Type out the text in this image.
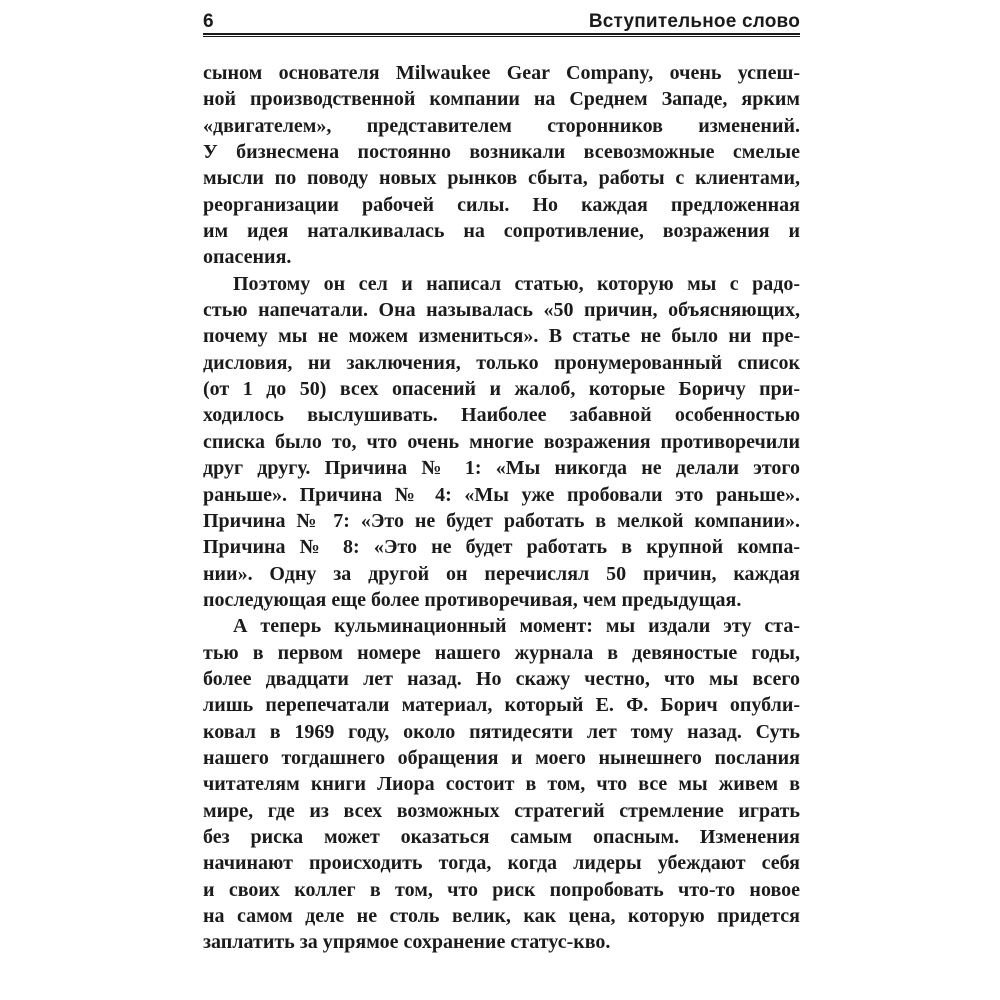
6	Вступительное слово
сыном основателя Milwaukee Gear Company, очень успеш-
ной производственной компании на Среднем Западе, ярким
«двигателем», представителем сторонников изменений.
У бизнесмена постоянно возникали всевозможные смелые
мысли по поводу новых рынков сбыта, работы с клиентами,
реорганизации рабочей силы. Но каждая предложенная
им идея наталкивалась на сопротивление, возражения и
опасения.
Поэтому он сел и написал статью, которую мы с радо-
стью напечатали. Она называлась «50 причин, объясняющих,
почему мы не можем измениться». В статье не было ни пре-
дисловия, ни заключения, только пронумерованный список
(от 1 до 50) всех опасений и жалоб, которые Боричу при-
ходилось выслушивать. Наиболее забавной особенностью
списка было то, что очень многие возражения противоречили
друг другу. Причина № 1: «Мы никогда не делали этого
раньше». Причина № 4: «Мы уже пробовали это раньше».
Причина № 7: «Это не будет работать в мелкой компании».
Причина № 8: «Это не будет работать в крупной компа-
нии». Одну за другой он перечислял 50 причин, каждая
последующая еще более противоречивая, чем предыдущая.
А теперь кульминационный момент: мы издали эту ста-
тью в первом номере нашего журнала в девяностые годы,
более двадцати лет назад. Но скажу честно, что мы всего
лишь перепечатали материал, который Е. Ф. Борич опубли-
ковал в 1969 году, около пятидесяти лет тому назад. Суть
нашего тогдашнего обращения и моего нынешнего послания
читателям книги Лиора состоит в том, что все мы живем в
мире, где из всех возможных стратегий стремление играть
без риска может оказаться самым опасным. Изменения
начинают происходить тогда, когда лидеры убеждают себя
и своих коллег в том, что риск попробовать что-то новое
на самом деле не столь велик, как цена, которую придется
заплатить за упрямое сохранение статус-кво.
